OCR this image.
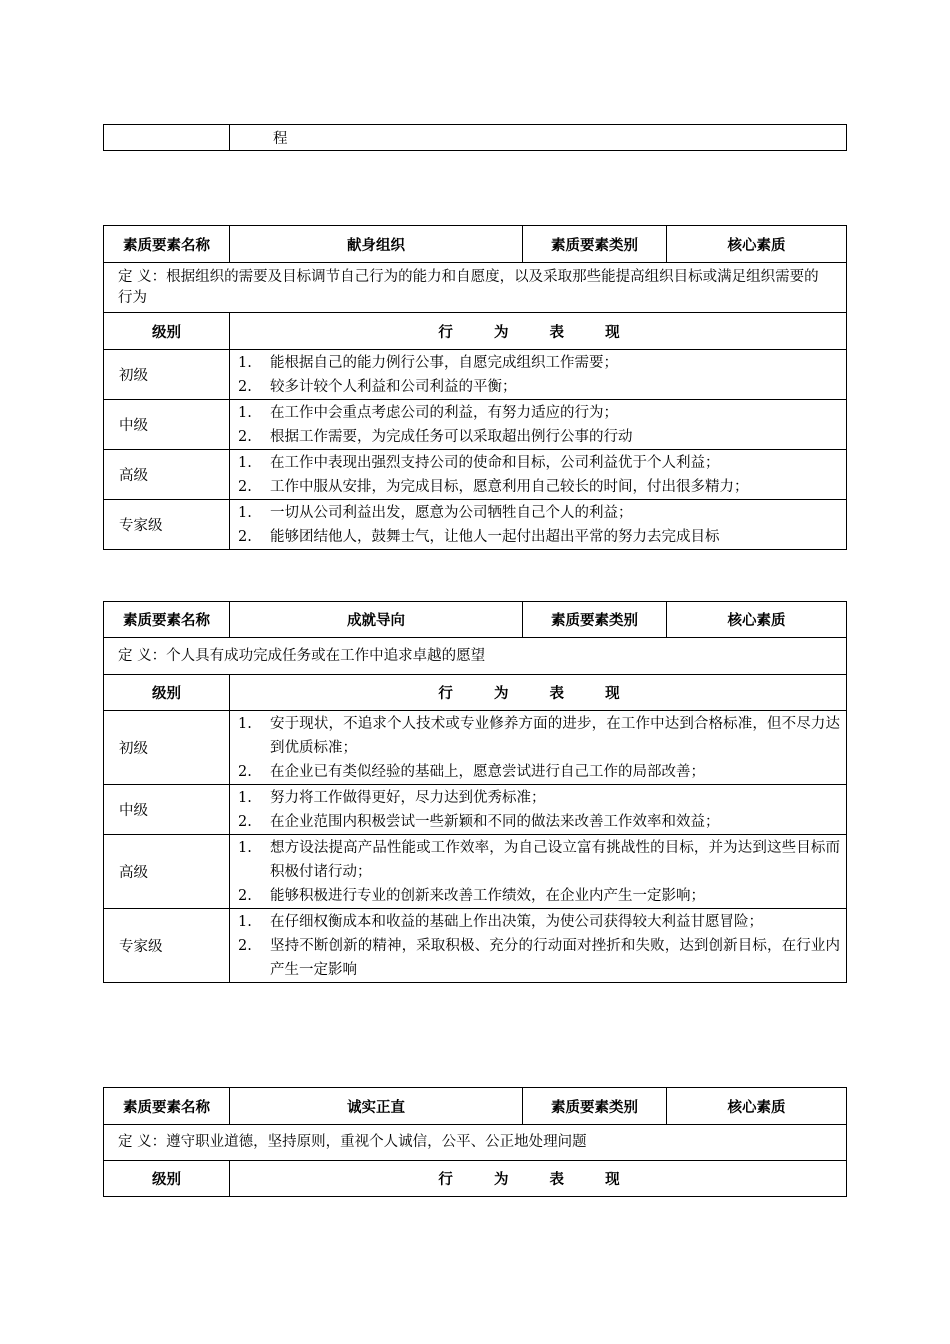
	程
素质要素名称	献身组织	素质要素类别	核心素质
定 义：根据组织的需要及目标调节自己行为的能力和自愿度，以及采取那些能提高组织目标或满足组织需要的行为			
级别	行 为 表 现		
初级	1. 能根据自己的能力例行公事，自愿完成组织工作需要；
2. 较多计较个人利益和公司利益的平衡；		

中级	1. 在工作中会重点考虑公司的利益，有努力适应的行为；
2. 根据工作需要，为完成任务可以采取超出例行公事的行动		

高级	1. 在工作中表现出强烈支持公司的使命和目标，公司利益优于个人利益；
2. 工作中服从安排，为完成目标，愿意利用自己较长的时间，付出很多精力；		

专家级	1. 一切从公司利益出发，愿意为公司牺牲自己个人的利益；
2. 能够团结他人，鼓舞士气，让他人一起付出超出平常的努力去完成目标		
素质要素名称	成就导向	素质要素类别	核心素质
定 义：个人具有成功完成任务或在工作中追求卓越的愿望			
级别	行 为 表 现		
初级	1. 安于现状，不追求个人技术或专业修养方面的进步，在工作中达到合格标准，但不尽力达到优质标准；
2. 在企业已有类似经验的基础上，愿意尝试进行自己工作的局部改善；		

中级	1. 努力将工作做得更好，尽力达到优秀标准；
2. 在企业范围内积极尝试一些新颖和不同的做法来改善工作效率和效益；		

高级	1. 想方设法提高产品性能或工作效率，为自己设立富有挑战性的目标，并为达到这些目标而积极付诸行动；
2. 能够积极进行专业的创新来改善工作绩效，在企业内产生一定影响；		

专家级	1. 在仔细权衡成本和收益的基础上作出决策，为使公司获得较大利益甘愿冒险；
2. 坚持不断创新的精神，采取积极、充分的行动面对挫折和失败，达到创新目标，在行业内产生一定影响		
素质要素名称	诚实正直	素质要素类别	核心素质
定 义：遵守职业道德，坚持原则，重视个人诚信，公平、公正地处理问题			
级别	行 为 表 现		
